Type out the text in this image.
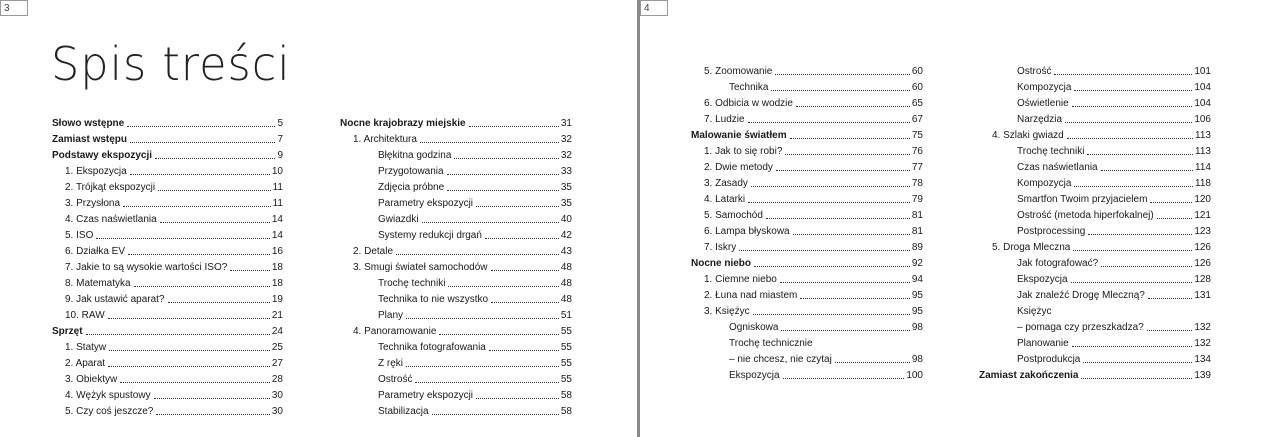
3
Spis treści
Słowo wstępne	5
Zamiast wstępu	7
Podstawy ekspozycji	9
1. Ekspozycja	10
2. Trójkąt ekspozycji	11
3. Przysłona	11
4. Czas naświetlania	14
5. ISO	14
6. Działka EV	16
7. Jakie to są wysokie wartości ISO?	18
8. Matematyka	18
9. Jak ustawić aparat?	19
10. RAW	21
Sprzęt	24
1. Statyw	25
2. Aparat	27
3. Obiektyw	28
4. Wężyk spustowy	30
5. Czy coś jeszcze?	30
Nocne krajobrazy miejskie	31
1. Architektura	32
Błękitna godzina	32
Przygotowania	33
Zdjęcia próbne	35
Parametry ekspozycji	35
Gwiazdki	40
Systemy redukcji drgań	42
2. Detale	43
3. Smugi świateł samochodów	48
Trochę techniki	48
Technika to nie wszystko	48
Plany	51
4. Panoramowanie	55
Technika fotografowania	55
Z ręki	55
Ostrość	55
Parametry ekspozycji	58
Stabilizacja	58
4
5. Zoomowanie	60
Technika	60
6. Odbicia w wodzie	65
7. Ludzie	67
Malowanie światłem	75
1. Jak to się robi?	76
2. Dwie metody	77
3. Zasady	78
4. Latarki	79
5. Samochód	81
6. Lampa błyskowa	81
7. Iskry	89
Nocne niebo	92
1. Ciemne niebo	94
2. Łuna nad miastem	95
3. Księżyc	95
Ogniskowa	98
Trochę technicznie
– nie chcesz, nie czytaj	98
Ekspozycja	100
Ostrość	101
Kompozycja	104
Oświetlenie	104
Narzędzia	106
4. Szlaki gwiazd	113
Trochę techniki	113
Czas naświetlania	114
Kompozycja	118
Smartfon Twoim przyjacielem	120
Ostrość (metoda hiperfokalnej)	121
Postprocessing	123
5. Droga Mleczna	126
Jak fotografować?	126
Ekspozycja	128
Jak znaleźć Drogę Mleczną?	131
Księżyc
– pomaga czy przeszkadza?	132
Planowanie	132
Postprodukcja	134
Zamiast zakończenia	139
